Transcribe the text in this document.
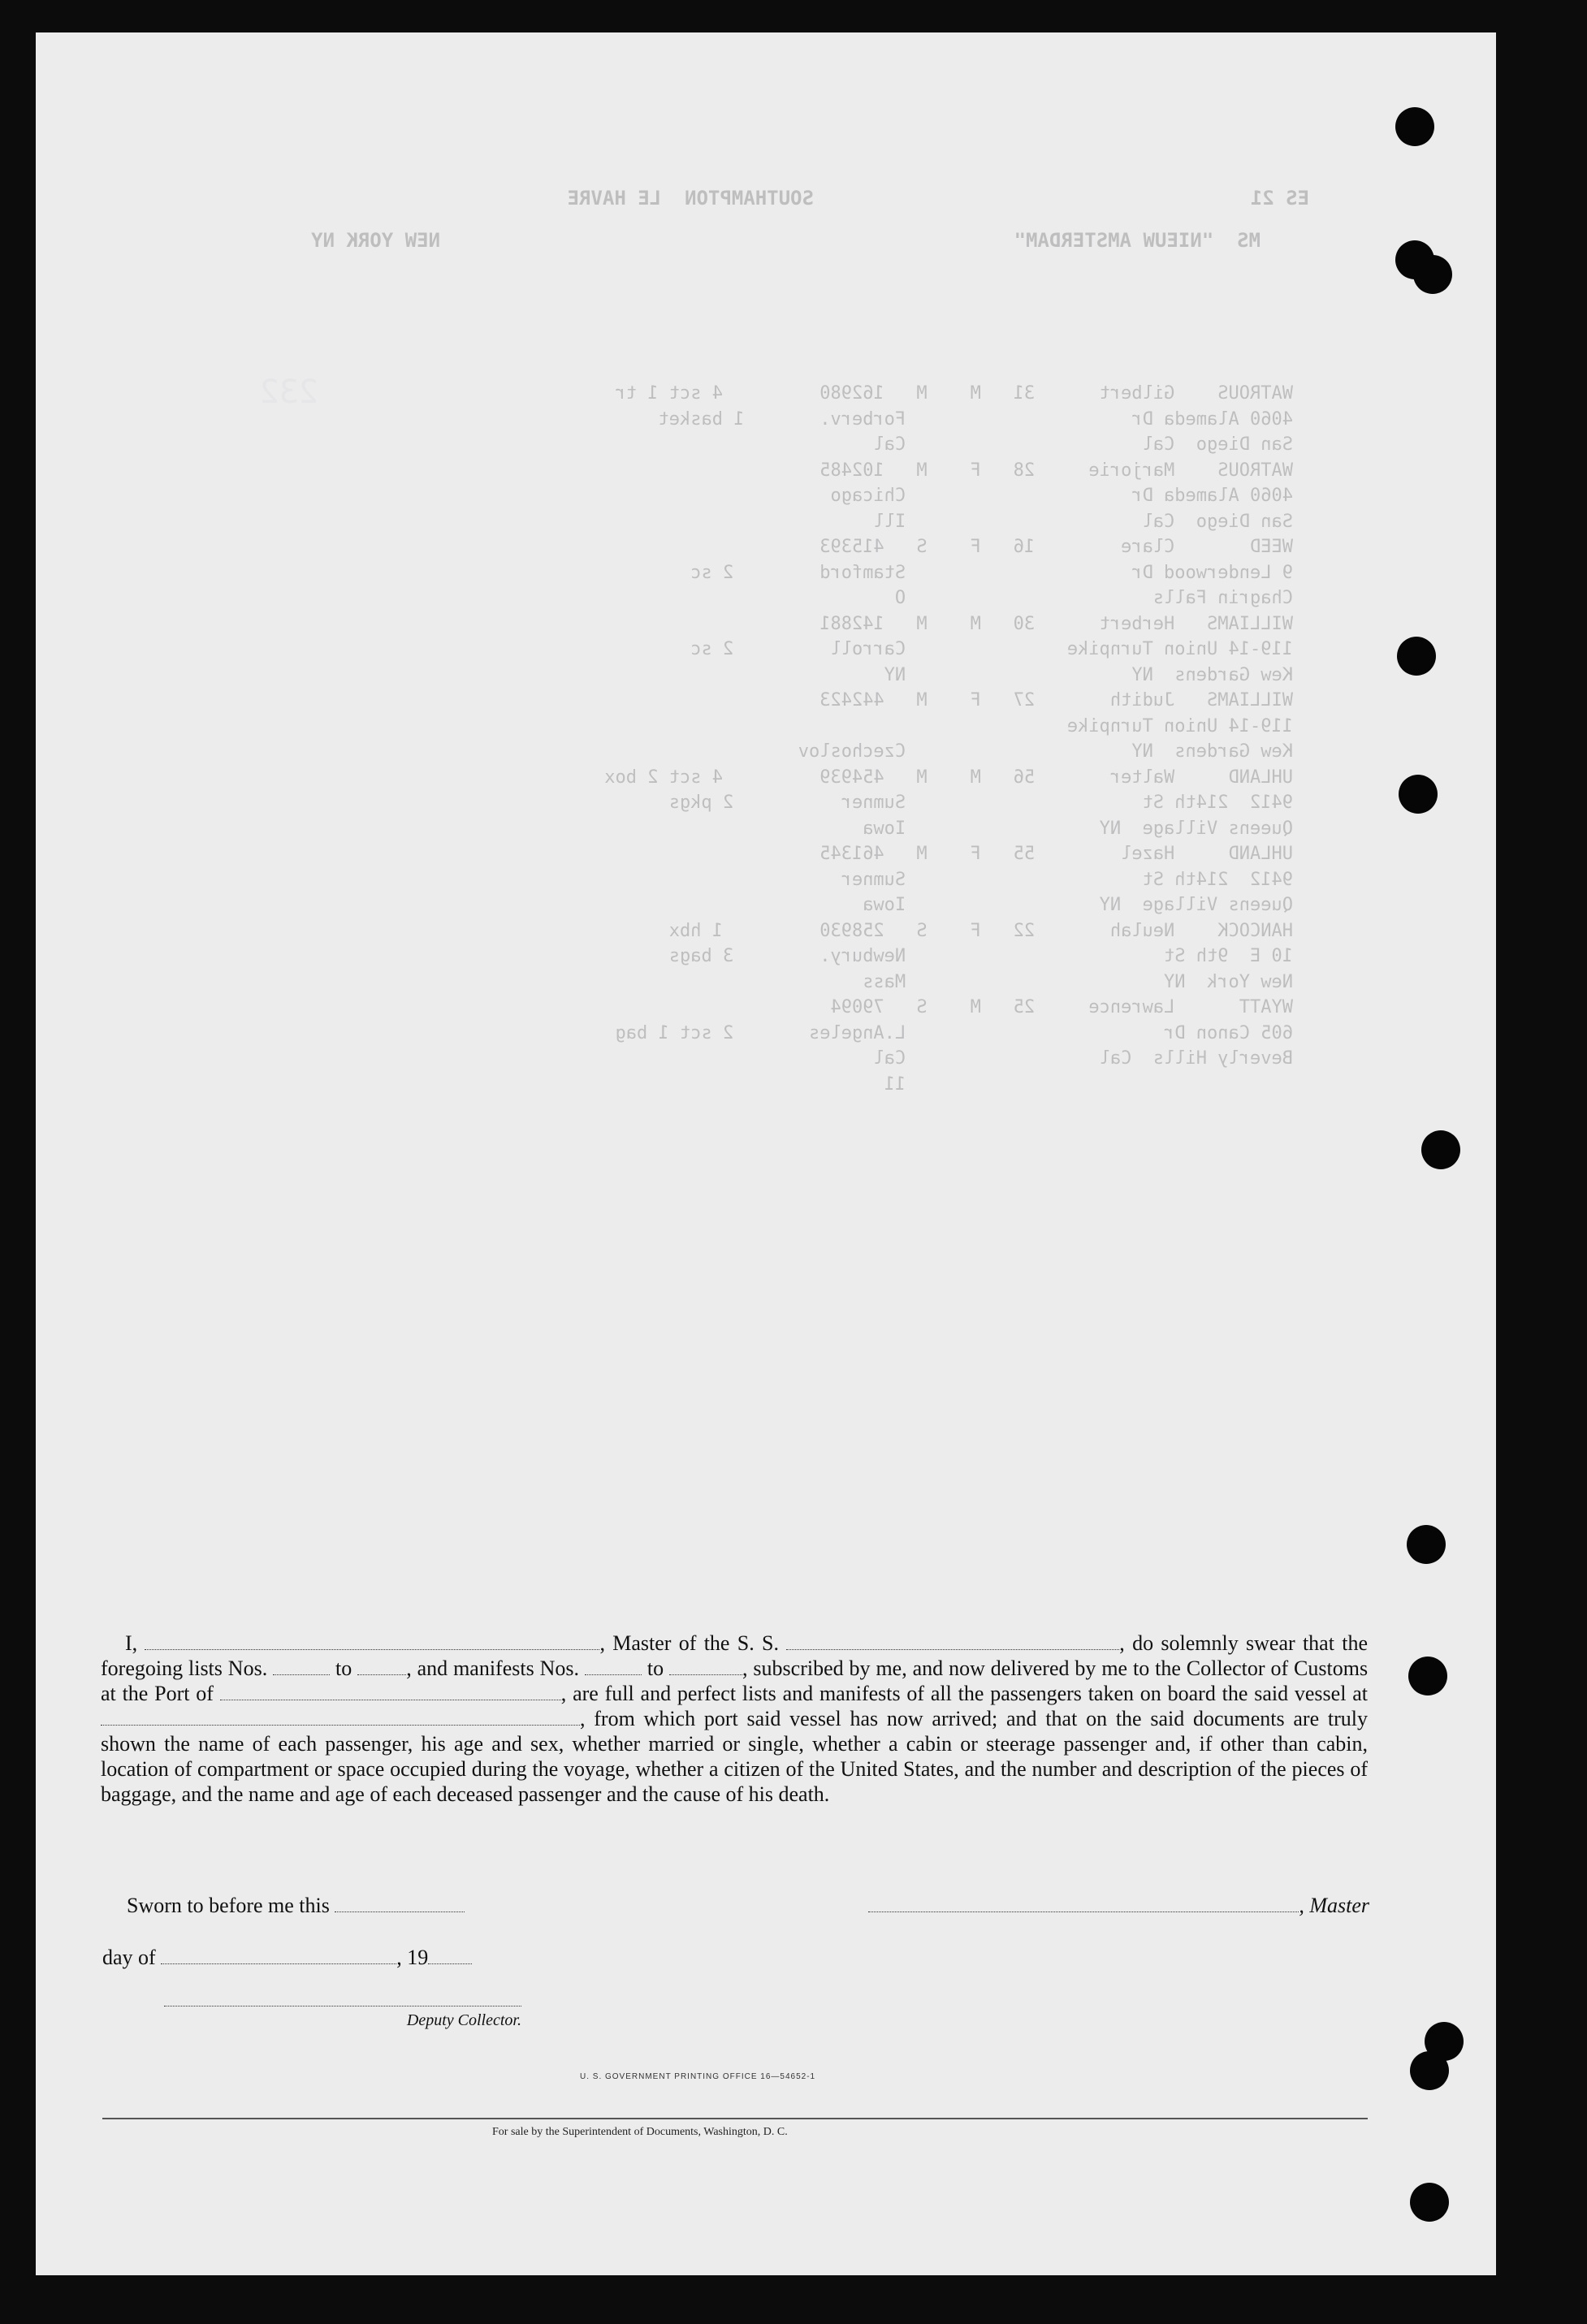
ES 21
SOUTHAMPTON  LE HAVRE
MS  "NIEUW AMSTERDAM"
NEW YORK NY
WATROUS    Gilbert      31   M    M   162980         4 sct 1 tr
4060 Alameda Dr                     Forberv.       1 basket
San Diego  Cal                      Cal
WATROUS    Marjorie     28   F    M   102485
4060 Alameda Dr                     Chicago
San Diego  Cal                      Ill
WEED       Clare        16   F    S   415393
9 Lenderwood Dr                     Stamford        2 sc
Chagrin Falls                       O
WILLIAMS   Herbert      30   M    M   142881
119-14 Union Turnpike               Carroll         2 sc
Kew Gardens  NY                     NY
WILLIAMS   Judith       27   F    M   442423
119-14 Union Turnpike
Kew Gardens  NY                     Czechoslov
UHLAND     Walter       56   M    M   454939         4 sct 2 box
9412  214th St                      Sumner          2 pkgs
Queens Village  NY                  Iowa
UHLAND     Hazel        55   F    M   461345
9412  214th St                      Sumner
Queens Village  NY                  Iowa
HANCOCK    Neulah       22   F    S   258930         1 hbx
10 E  9th St                        Newbury.        3 bags
New York  NY                        Mass
WYATT      Lawrence     25   M    S   79094
605 Canon Dr                        L.Angeles       2 sct 1 bag
Beverly Hills  Cal                  Cal
11
232

I,	, Master of the S. S.	, do solemnly swear that the foregoing lists Nos.	to	, and manifests Nos.	to	, subscribed by me, and now delivered by me to the Collector of Customs at the Port of	, are full and perfect lists and manifests of all the passengers taken on board the said vessel at , from which port said vessel has now arrived; and that on the said documents are truly shown the name of each passenger, his age and sex, whether married or single, whether a cabin or steerage passenger and, if other than cabin, location of compartment or space occupied during the voyage, whether a citizen of the United States, and the number and description of the pieces of baggage, and the name and age of each deceased passenger and the cause of his death.

Sworn to before me this	, Master
day of	, 19
Deputy Collector.
U. S. GOVERNMENT PRINTING OFFICE 16—54652-1
For sale by the Superintendent of Documents, Washington, D. C.
